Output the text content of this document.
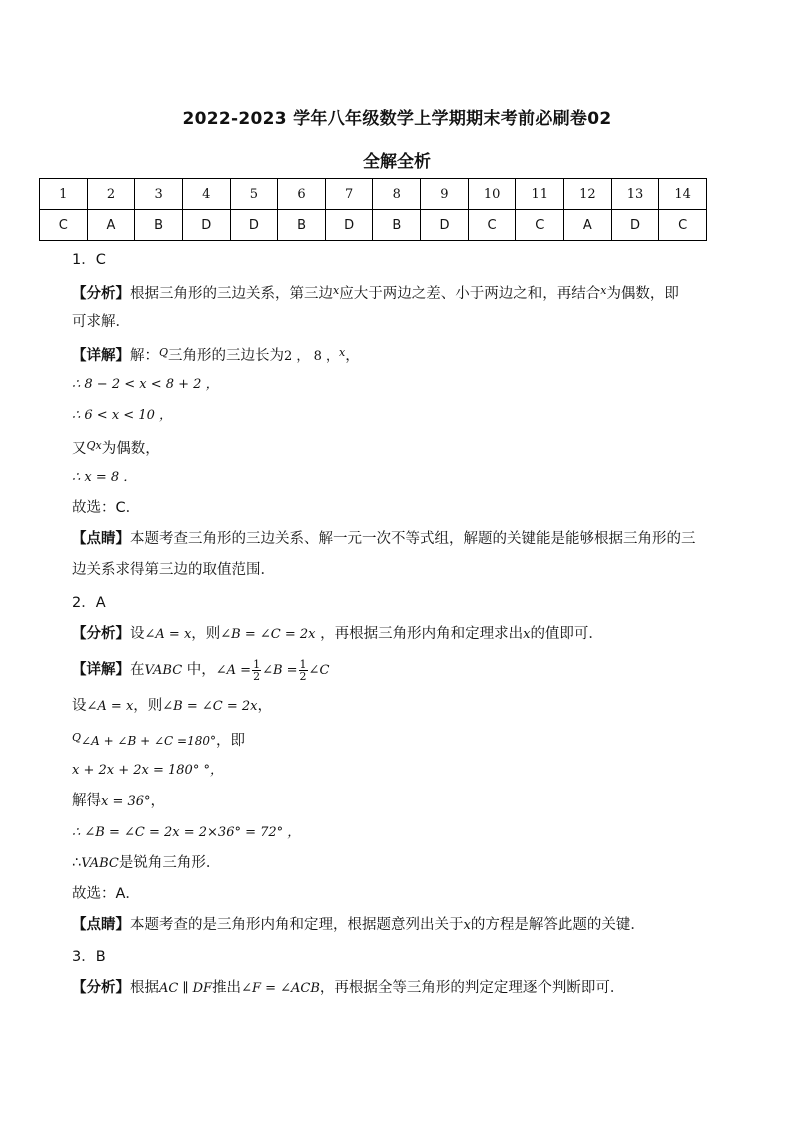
2022-2023 学年八年级数学上学期期末考前必刷卷02
全解全析
1	2	3	4	5	6	7	8	9	10	11	12	13	14
C	A	B	D	D	B	D	B	D	C	C	A	D	C
1．C
【分析】根据三角形的三边关系，第三边$^x$应大于两边之差、小于两边之和，再结合$^x$为偶数，即
可求解．
【详解】解：$^Q$三角形的三边长为2 ， 8 ，$^x$，
∴ 8 − 2 < x < 8 + 2 ，
∴ 6 < x < 10 ，
又$^{Qx}$为偶数，
∴ x = 8 ．
故选：C．
【点睛】本题考查三角形的三边关系、解一元一次不等式组，解题的关键能是能够根据三角形的三
边关系求得第三边的取值范围．
2．A
【分析】设∠A = x，则∠B = ∠C = 2x ，再根据三角形内角和定理求出x的值即可．
【详解】在VABC 中，∠A = $\frac{1}{2}$ ∠B = $\frac{1}{2}$ ∠C
设∠A = x，则∠B = ∠C = 2x，
$^Q$∠A + ∠B + ∠C =180°，即
x + 2x + 2x = 180° °，
解得x = 36°，
∴ ∠B = ∠C = 2x = 2×36° = 72° ，
∴VABC是锐角三角形．
故选：A．
【点睛】本题考查的是三角形内角和定理，根据题意列出关于x的方程是解答此题的关键．
3．B
【分析】根据AC ∥ DF推出∠F = ∠ACB，再根据全等三角形的判定定理逐个判断即可．
